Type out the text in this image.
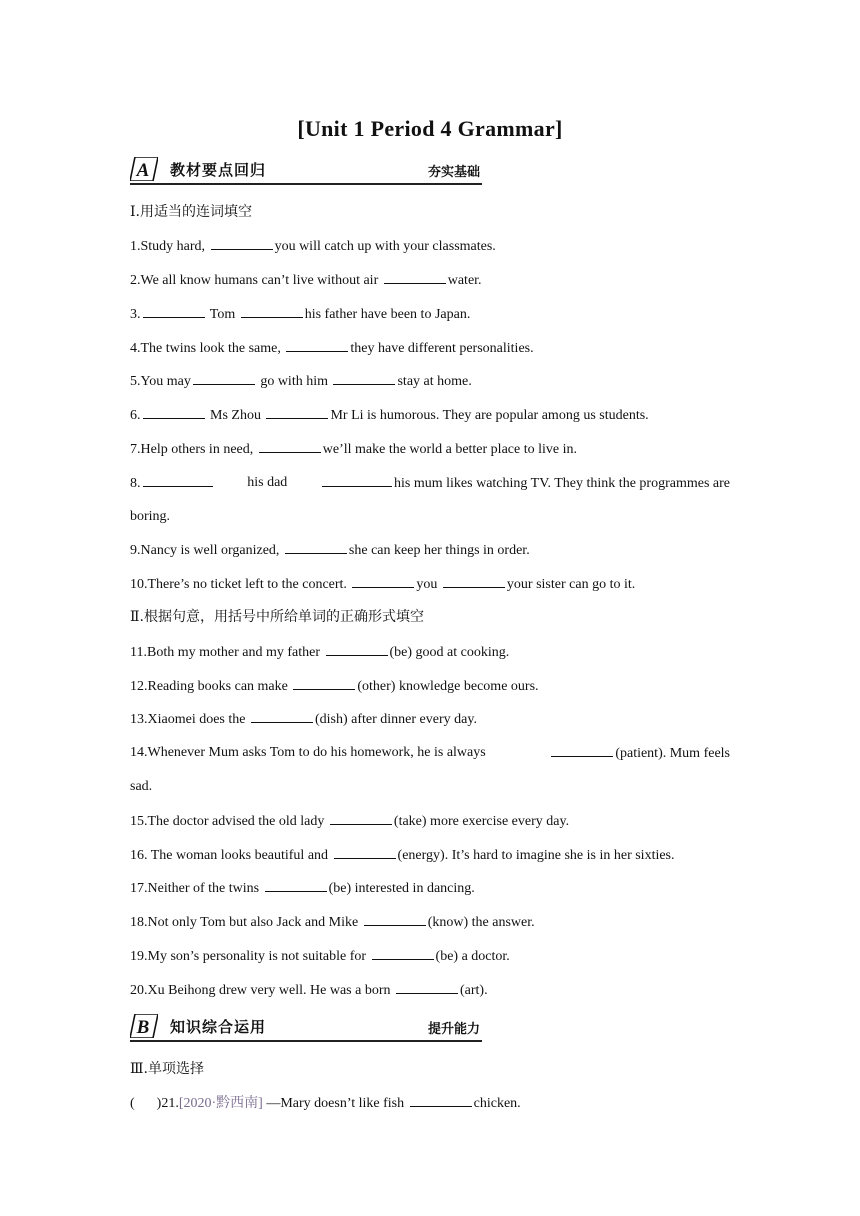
[Unit 1 Period 4 Grammar]
A 教材要点回归	夯实基础
Ⅰ.用适当的连词填空
1.Study hard,	you will catch up with your classmates.
2.We all know humans can’t live without air	water.
3.	Tom	his father have been to Japan.
4.The twins look the same,	they have different personalities.
5.You may	go with him	stay at home.
6.	Ms Zhou	Mr Li is humorous. They are popular among us students.
7.Help others in need,	we’ll make the world a better place to live in.
8.	his dad	his mum likes watching TV. They think the programmes are
boring.
9.Nancy is well organized,	she can keep her things in order.
10.There’s no ticket left to the concert.	you	your sister can go to it.
Ⅱ.根据句意，用括号中所给单词的正确形式填空
11.Both my mother and my father	(be) good at cooking.
12.Reading books can make	(other) knowledge become ours.
13.Xiaomei does the	(dish) after dinner every day.
14.Whenever Mum asks Tom to do his homework, he is always	(patient). Mum feels
sad.
15.The doctor advised the old lady	(take) more exercise every day.
16. The woman looks beautiful and	(energy). It’s hard to imagine she is in her sixties.
17.Neither of the twins	(be) interested in dancing.
18.Not only Tom but also Jack and Mike	(know) the answer.
19.My son’s personality is not suitable for	(be) a doctor.
20.Xu Beihong drew very well. He was a born	(art).
B 知识综合运用	提升能力
Ⅲ.单项选择
( )21.[2020·黔西南] —Mary doesn’t like fish	chicken.
